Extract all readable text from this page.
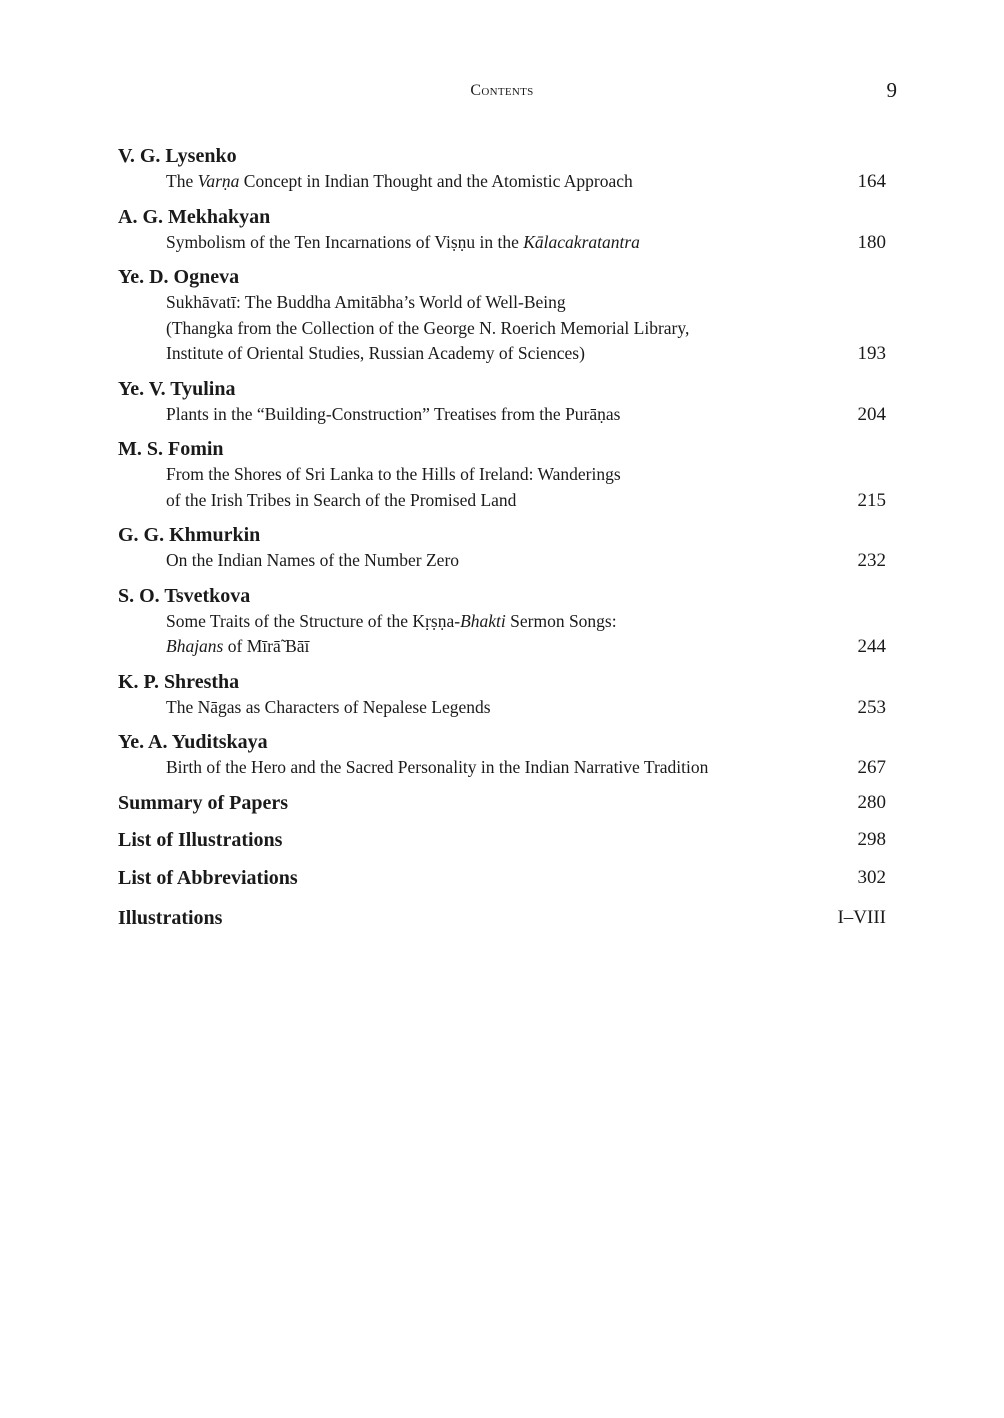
Contents	9
V. G. Lysenko
The Varṇa Concept in Indian Thought and the Atomistic Approach	164
A. G. Mekhakyan
Symbolism of the Ten Incarnations of Viṣṇu in the Kālacakratantra	180
Ye. D. Ogneva
Sukhāvatī: The Buddha Amitābha’s World of Well-Being
(Thangka from the Collection of the George N. Roerich Memorial Library,
Institute of Oriental Studies, Russian Academy of Sciences)	193
Ye. V. Tyulina
Plants in the “Building-Construction” Treatises from the Purāṇas	204
M. S. Fomin
From the Shores of Sri Lanka to the Hills of Ireland: Wanderings
of the Irish Tribes in Search of the Promised Land	215
G. G. Khmurkin
On the Indian Names of the Number Zero	232
S. O. Tsvetkova
Some Traits of the Structure of the Kṛṣṇa-Bhakti Sermon Songs:
Bhajans of Mīrā̃ Bāī	244
K. P. Shrestha
The Nāgas as Characters of Nepalese Legends	253
Ye. A. Yuditskaya
Birth of the Hero and the Sacred Personality in the Indian Narrative Tradition	267
Summary of Papers	280
List of Illustrations	298
List of Abbreviations	302
Illustrations	I–VIII
